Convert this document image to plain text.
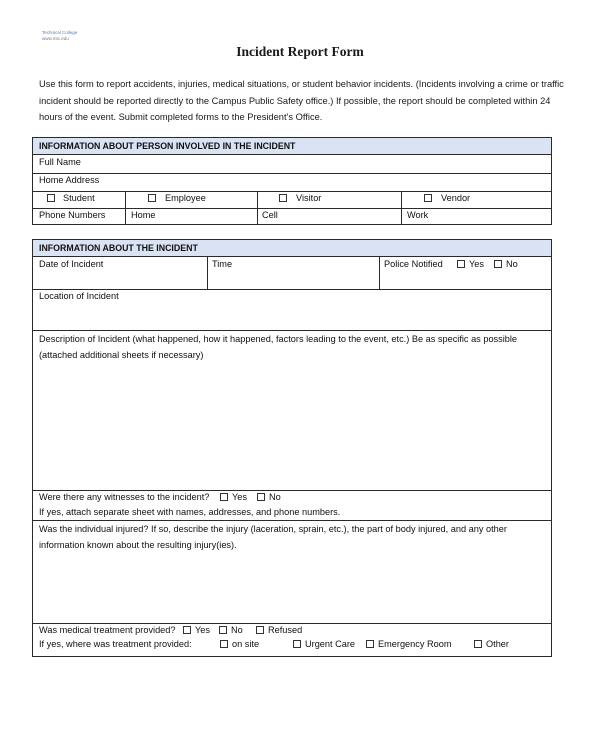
Technical College
www.mtc.edu
Incident Report Form
Use this form to report accidents, injuries, medical situations, or student behavior incidents. (Incidents involving a crime or traffic incident should be reported directly to the Campus Public Safety office.) If possible, the report should be completed within 24 hours of the event. Submit completed forms to the President’s Office.
INFORMATION ABOUT PERSON INVOLVED IN THE INCIDENT
Full Name
Home Address
Student	Employee	Visitor	Vendor
Phone Numbers	Home	Cell	Work
INFORMATION ABOUT THE INCIDENT
Date of Incident	Time	Police Notified	Yes No
Location of Incident
Description of Incident (what happened, how it happened, factors leading to the event, etc.) Be as specific as possible (attached additional sheets if necessary)
Were there any witnesses to the incident? Yes No
If yes, attach separate sheet with names, addresses, and phone numbers.
Was the individual injured? If so, describe the injury (laceration, sprain, etc.), the part of body injured, and any other information known about the resulting injury(ies).
Was medical treatment provided? Yes No	Refused
If yes, where was treatment provided:	on site	Urgent Care Emergency Room	Other
